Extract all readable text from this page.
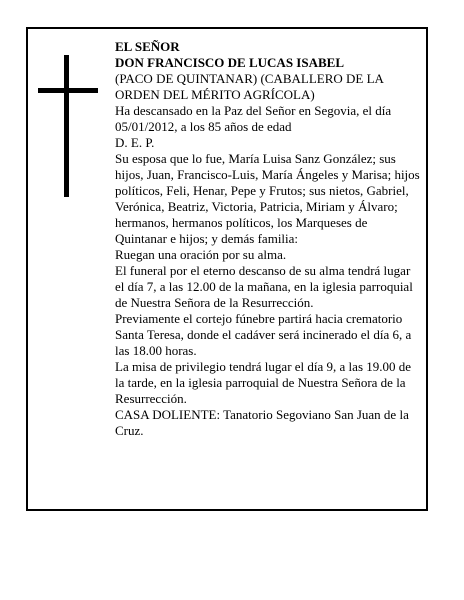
EL SEÑOR

DON FRANCISCO DE LUCAS ISABEL

(PACO DE QUINTANAR) (CABALLERO DE LA ORDEN DEL MÉRITO AGRÍCOLA)

Ha descansado en la Paz del Señor en Segovia, el día 05/01/2012, a los 85 años de edad

D. E. P.

Su esposa que lo fue, María Luisa Sanz González; sus hijos, Juan, Francisco-Luis, María Ángeles y Marisa; hijos políticos, Feli, Henar, Pepe y Frutos; sus nietos, Gabriel, Verónica, Beatriz, Victoria, Patricia, Miriam y Álvaro; hermanos, hermanos políticos, los Marqueses de Quintanar e hijos; y demás familia:

Ruegan una oración por su alma.

El funeral por el eterno descanso de su alma tendrá lugar el día 7, a las 12.00 de la mañana, en la iglesia parroquial de Nuestra Señora de la Resurrección.

Previamente el cortejo fúnebre partirá hacia crematorio Santa Teresa, donde el cadáver será incinerado el día 6, a las 18.00 horas.

La misa de privilegio tendrá lugar el día 9, a las 19.00 de la tarde, en la iglesia parroquial de Nuestra Señora de la Resurrección.

CASA DOLIENTE: Tanatorio Segoviano San Juan de la Cruz.
